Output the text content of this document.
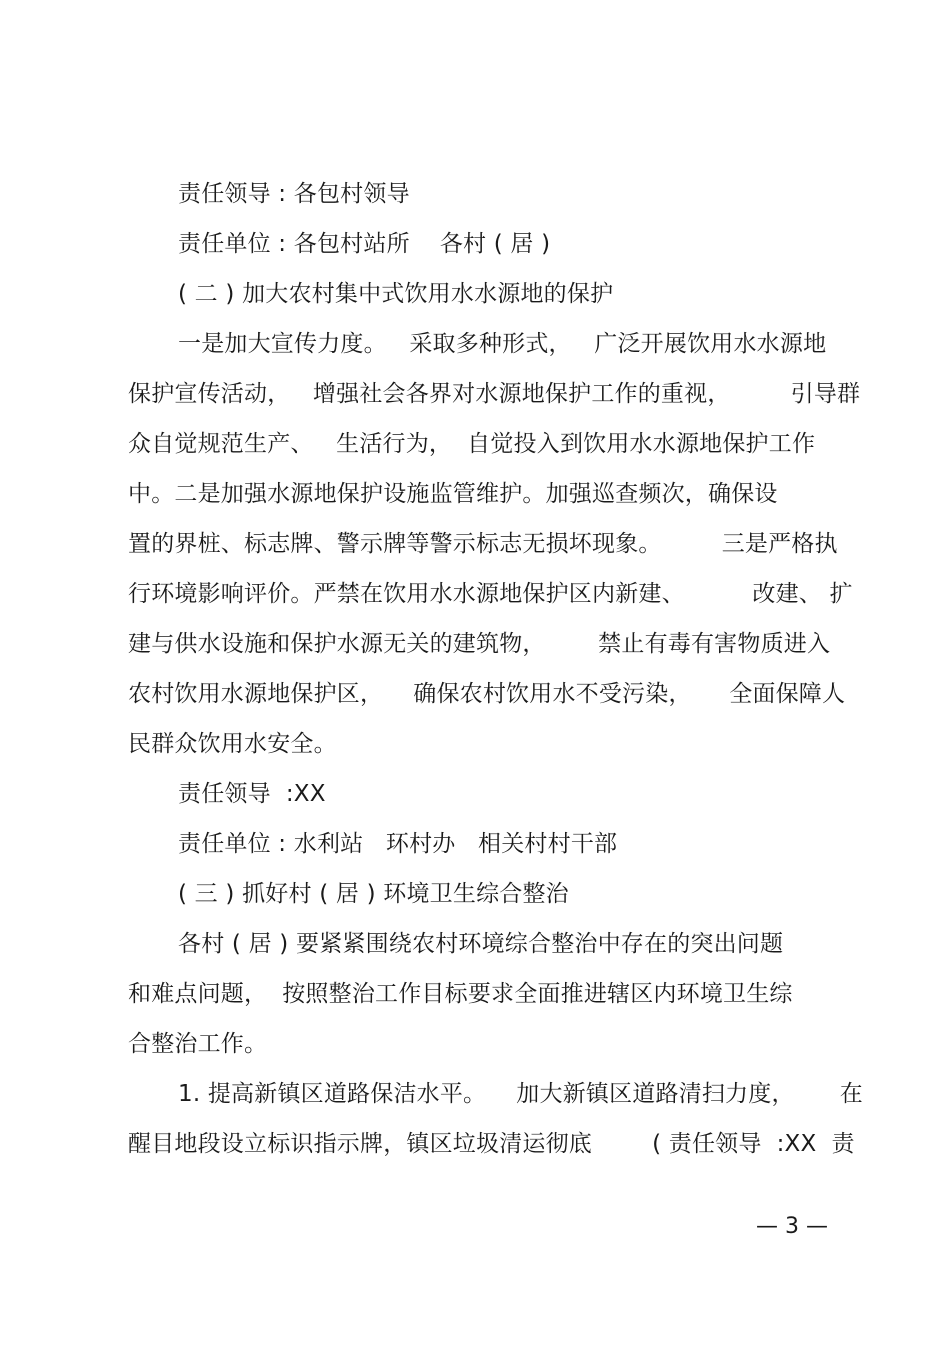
责任领导 : 各包村领导
责任单位 : 各包村站所    各村 ( 居 )
( 二 ) 加大农村集中式饮用水水源地的保护
一是加大宣传力度。   采取多种形式，   广泛开展饮用水水源地
保护宣传活动，   增强社会各界对水源地保护工作的重视，        引导群
众自觉规范生产、   生活行为，  自觉投入到饮用水水源地保护工作
中。二是加强水源地保护设施监管维护。加强巡查频次，确保设
置的界桩、标志牌、警示牌等警示标志无损坏现象。        三是严格执
行环境影响评价。严禁在饮用水水源地保护区内新建、         改建、 扩
建与供水设施和保护水源无关的建筑物，       禁止有毒有害物质进入
农村饮用水源地保护区，    确保农村饮用水不受污染，     全面保障人
民群众饮用水安全。
责任领导  :XX
责任单位 : 水利站   环村办   相关村村干部
( 三 ) 抓好村 ( 居 ) 环境卫生综合整治
各村 ( 居 ) 要紧紧围绕农村环境综合整治中存在的突出问题
和难点问题，  按照整治工作目标要求全面推进辖区内环境卫生综
合整治工作。
1. 提高新镇区道路保洁水平。    加大新镇区道路清扫力度，      在
醒目地段设立标识指示牌，镇区垃圾清运彻底        ( 责任领导  :XX  责
— 3 —
